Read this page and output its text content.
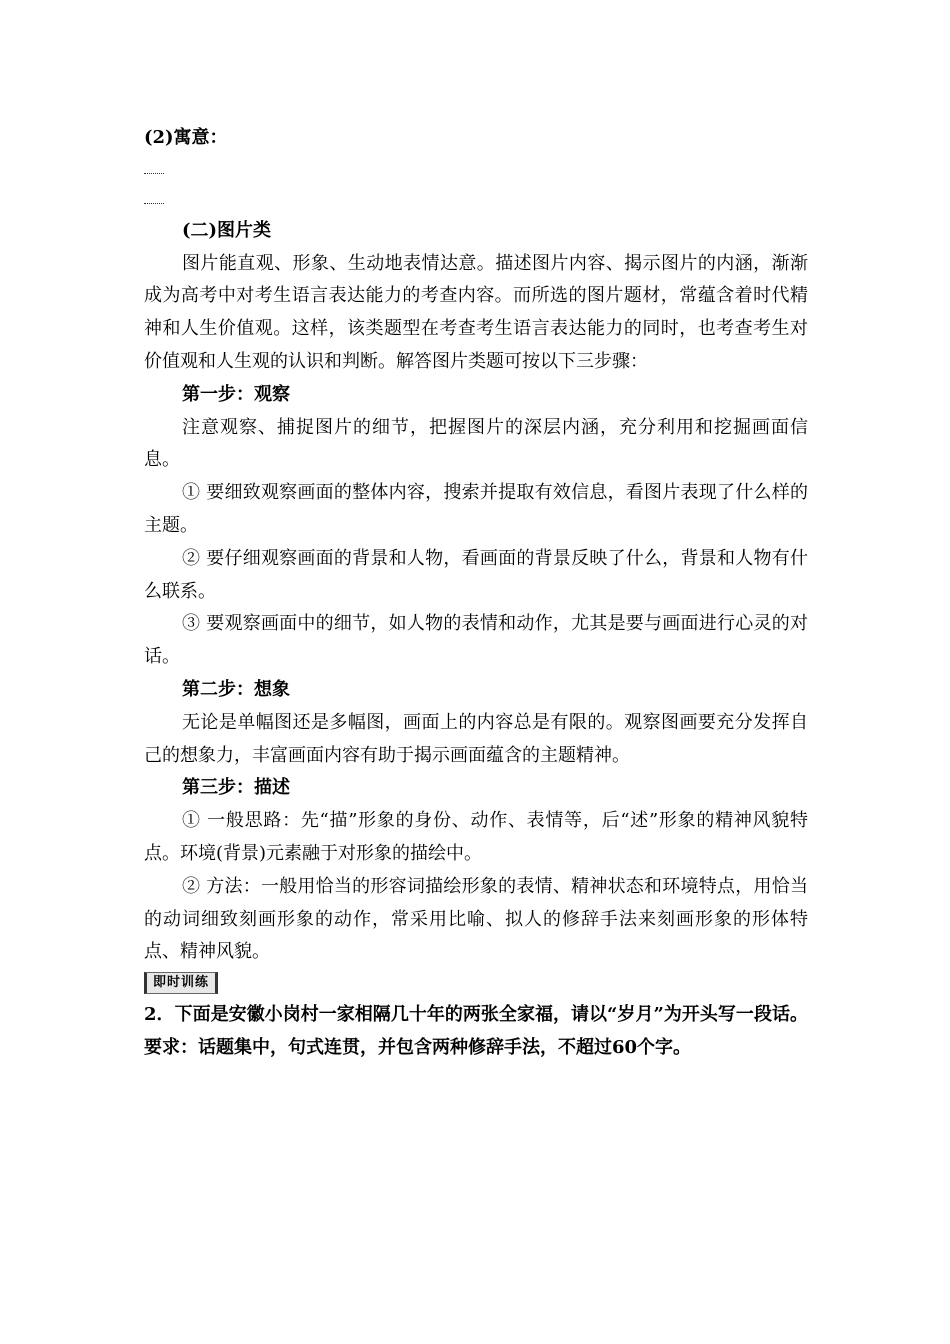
(2)寓意：

(二)图片类

图片能直观、形象、生动地表情达意。描述图片内容、揭示图片的内涵，渐渐成为高考中对考生语言表达能力的考查内容。而所选的图片题材，常蕴含着时代精神和人生价值观。这样，该类题型在考查考生语言表达能力的同时，也考查考生对价值观和人生观的认识和判断。解答图片类题可按以下三步骤：

第一步：观察

注意观察、捕捉图片的细节，把握图片的深层内涵，充分利用和挖掘画面信息。

① 要细致观察画面的整体内容，搜索并提取有效信息，看图片表现了什么样的主题。

② 要仔细观察画面的背景和人物，看画面的背景反映了什么，背景和人物有什么联系。

③ 要观察画面中的细节，如人物的表情和动作，尤其是要与画面进行心灵的对话。

第二步：想象

无论是单幅图还是多幅图，画面上的内容总是有限的。观察图画要充分发挥自己的想象力，丰富画面内容有助于揭示画面蕴含的主题精神。

第三步：描述

① 一般思路：先“描”形象的身份、动作、表情等，后“述”形象的精神风貌特点。环境(背景)元素融于对形象的描绘中。

② 方法：一般用恰当的形容词描绘形象的表情、精神状态和环境特点，用恰当的动词细致刻画形象的动作，常采用比喻、拟人的修辞手法来刻画形象的形体特点、精神风貌。

即时训练

2．下面是安徽小岗村一家相隔几十年的两张全家福，请以“岁月”为开头写一段话。要求：话题集中，句式连贯，并包含两种修辞手法，不超过60个字。
